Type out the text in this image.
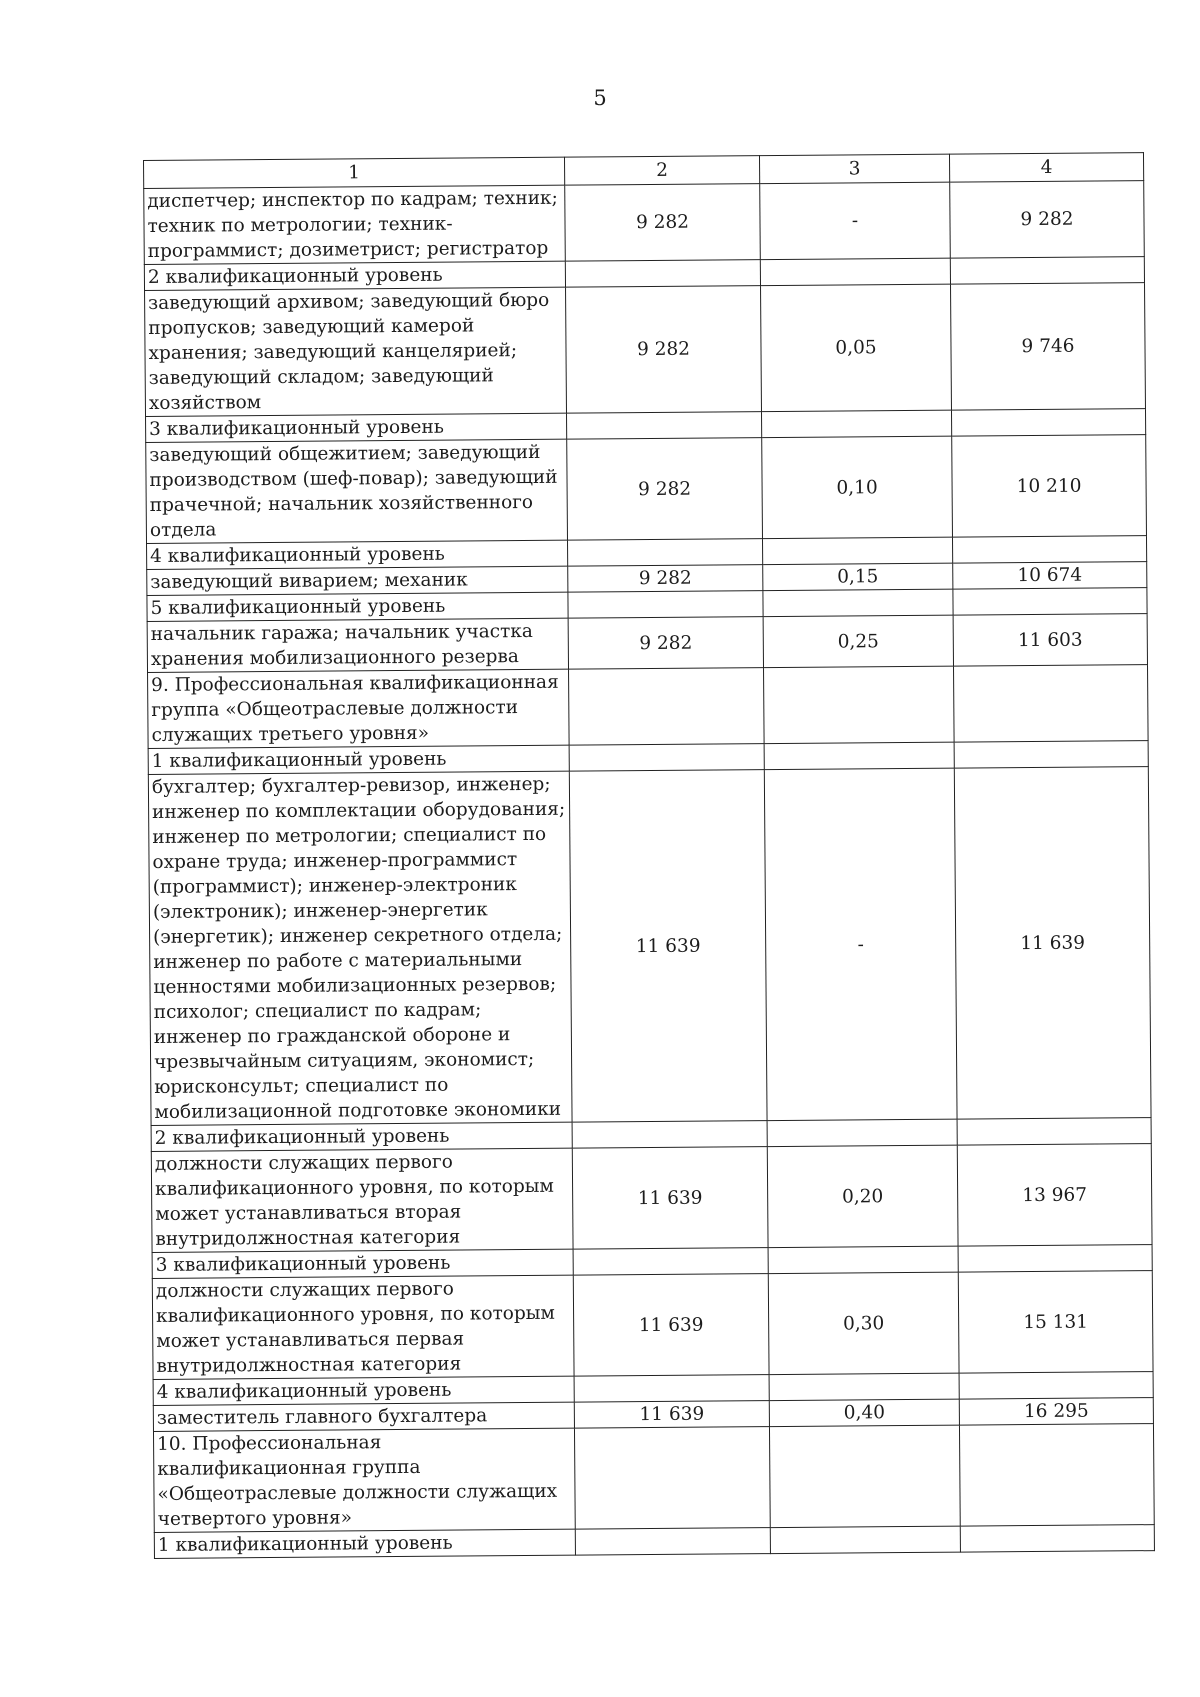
5
1	2	3	4
диспетчер; инспектор по кадрам; техник; техник по метрологии; техник-программист; дозиметрист; регистратор	9 282	-	9 282
2 квалификационный уровень			
заведующий архивом; заведующий бюро пропусков; заведующий камерой хранения; заведующий канцелярией; заведующий складом; заведующий хозяйством	9 282	0,05	9 746
3 квалификационный уровень			
заведующий общежитием; заведующий производством (шеф-повар); заведующий прачечной; начальник хозяйственного отдела	9 282	0,10	10 210
4 квалификационный уровень			
заведующий виварием; механик	9 282	0,15	10 674
5 квалификационный уровень			
начальник гаража; начальник участка хранения мобилизационного резерва	9 282	0,25	11 603
9. Профессиональная квалификационная группа «Общеотраслевые должности служащих третьего уровня»			
1 квалификационный уровень			
бухгалтер; бухгалтер-ревизор, инженер; инженер по комплектации оборудования; инженер по метрологии; специалист по охране труда; инженер-программист (программист); инженер-электроник (электроник); инженер-энергетик (энергетик); инженер секретного отдела; инженер по работе с материальными ценностями мобилизационных резервов; психолог; специалист по кадрам; инженер по гражданской обороне и чрезвычайным ситуациям, экономист; юрисконсульт; специалист по мобилизационной подготовке экономики	11 639	-	11 639
2 квалификационный уровень			
должности служащих первого квалификационного уровня, по которым может устанавливаться вторая внутридолжностная категория	11 639	0,20	13 967
3 квалификационный уровень			
должности служащих первого квалификационного уровня, по которым может устанавливаться первая внутридолжностная категория	11 639	0,30	15 131
4 квалификационный уровень			
заместитель главного бухгалтера	11 639	0,40	16 295
10. Профессиональная квалификационная группа «Общеотраслевые должности служащих четвертого уровня»			
1 квалификационный уровень			
